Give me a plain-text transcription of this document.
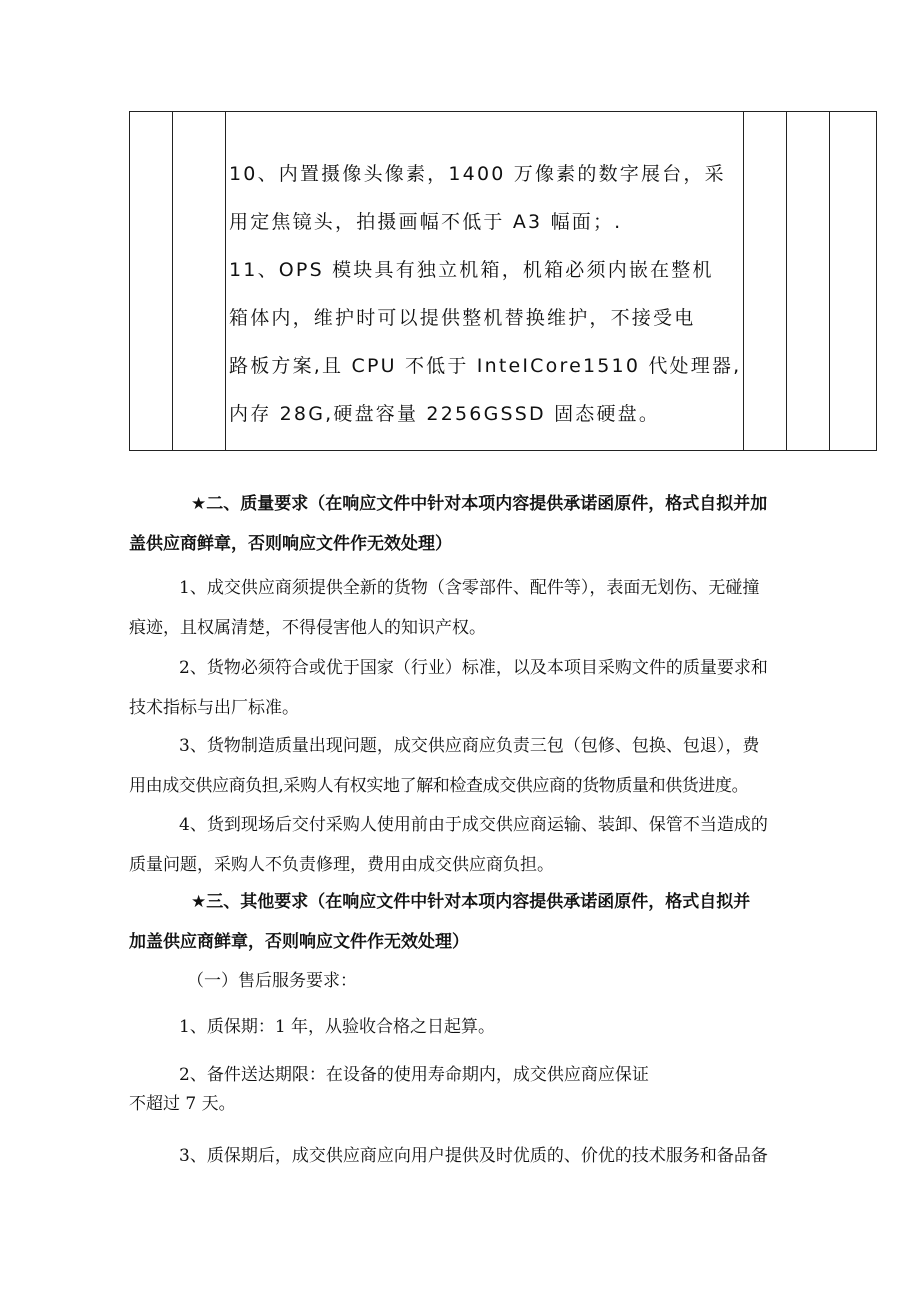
10、内置摄像头像素，1400 万像素的数字展台，采
用定焦镜头，拍摄画幅不低于 A3 幅面；.
11、OPS 模块具有独立机箱，机箱必须内嵌在整机
箱体内，维护时可以提供整机替换维护，不接受电
路板方案,且 CPU 不低于 InteICore1510 代处理器,
内存 28G,硬盘容量 2256GSSD 固态硬盘。

★二、质量要求（在响应文件中针对本项内容提供承诺函原件，格式自拟并加
盖供应商鲜章，否则响应文件作无效处理）
1、成交供应商须提供全新的货物（含零部件、配件等），表面无划伤、无碰撞
痕迹，且权属清楚，不得侵害他人的知识产权。
2、货物必须符合或优于国家（行业）标准，以及本项目采购文件的质量要求和
技术指标与出厂标准。
3、货物制造质量出现问题，成交供应商应负责三包（包修、包换、包退），费
用由成交供应商负担,采购人有权实地了解和检查成交供应商的货物质量和供货进度。
4、货到现场后交付采购人使用前由于成交供应商运输、装卸、保管不当造成的
质量问题，采购人不负责修理，费用由成交供应商负担。
★三、其他要求（在响应文件中针对本项内容提供承诺函原件，格式自拟并
加盖供应商鲜章，否则响应文件作无效处理）
（一）售后服务要求：
1、质保期：1 年，从验收合格之日起算。
2、备件送达期限：在设备的使用寿命期内，成交供应商应保证
不超过 7 天。
3、质保期后，成交供应商应向用户提供及时优质的、价优的技术服务和备品备
